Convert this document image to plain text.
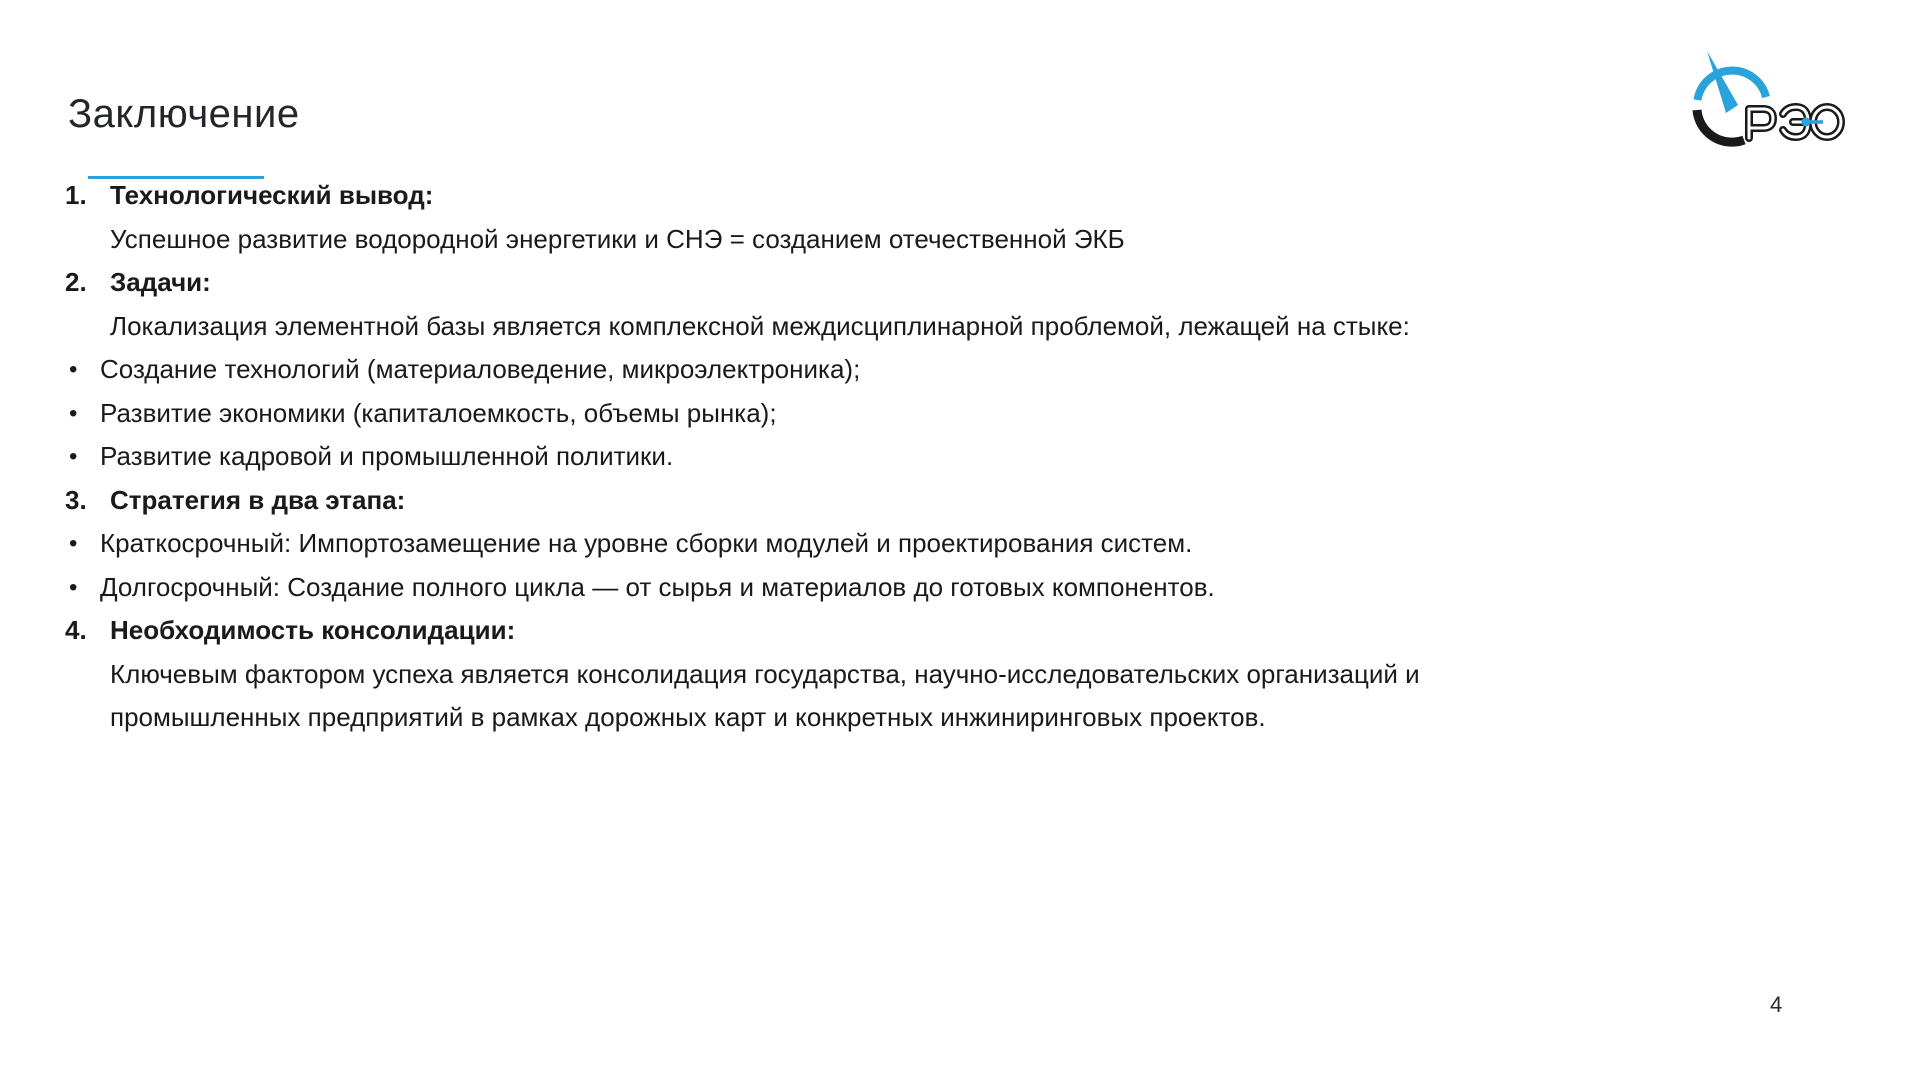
Заключение
1. Технологический вывод:
Успешное развитие водородной энергетики и СНЭ = созданием отечественной ЭКБ
2. Задачи:
Локализация элементной базы является комплексной междисциплинарной проблемой, лежащей на стыке:
• Создание технологий (материаловедение, микроэлектроника);
• Развитие экономики (капиталоемкость, объемы рынка);
• Развитие кадровой и промышленной политики.
3. Стратегия в два этапа:
• Краткосрочный: Импортозамещение на уровне сборки модулей и проектирования систем.
• Долгосрочный: Создание полного цикла — от сырья и материалов до готовых компонентов.
4. Необходимость консолидации:
Ключевым фактором успеха является консолидация государства, научно-исследовательских организаций и
промышленных предприятий в рамках дорожных карт и конкретных инжиниринговых проектов.
4
